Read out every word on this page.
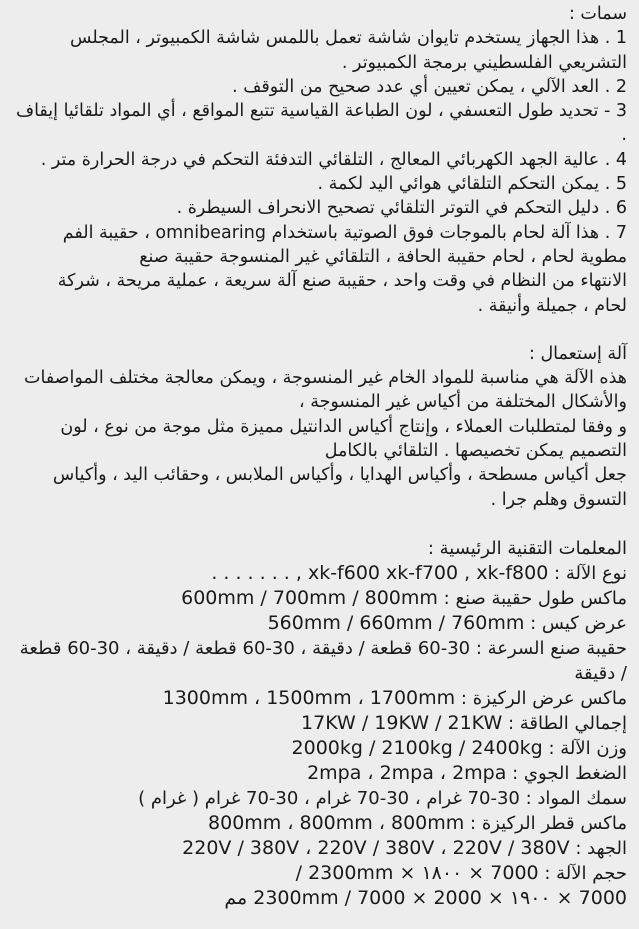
سمات :
1 . هذا الجهاز يستخدم تايوان شاشة تعمل باللمس شاشة الكمبيوتر ، المجلس
التشريعي الفلسطيني برمجة الكمبيوتر .
2 . العد الآلي ، يمكن تعيين أي عدد صحيح من التوقف .
3 - تحديد طول التعسفي ، لون الطباعة القياسية تتبع المواقع ، أي المواد تلقائيا إيقاف
.
4 . عالية الجهد الكهربائي المعالج ، التلقائي التدفئة التحكم في درجة الحرارة متر .
5 . يمكن التحكم التلقائي هوائي اليد لكمة .
6 . دليل التحكم في التوتر التلقائي تصحيح الانحراف السيطرة .
7 . هذا آلة لحام بالموجات فوق الصوتية باستخدام omnibearing ، حقيبة الفم
مطوية لحام ، لحام حقيبة الحافة ، التلقائي غير المنسوجة حقيبة صنع
الانتهاء من النظام في وقت واحد ، حقيبة صنع آلة سريعة ، عملية مريحة ، شركة
لحام ، جميلة وأنيقة .
آلة إستعمال :
هذه الآلة هي مناسبة للمواد الخام غير المنسوجة ، ويمكن معالجة مختلف المواصفات
والأشكال المختلفة من أكياس غير المنسوجة ،
و وفقا لمتطلبات العملاء ، وإنتاج أكياس الدانتيل مميزة مثل موجة من نوع ، لون
التصميم يمكن تخصيصها . التلقائي بالكامل
جعل أكياس مسطحة ، وأكياس الهدايا ، وأكياس الملابس ، وحقائب اليد ، وأكياس
التسوق وهلم جرا .
المعلمات التقنية الرئيسية :
نوع الآلة : xk-f600 xk-f700 , xk-f800 , . . . . . . .
ماكس طول حقيبة صنع : 600mm / 700mm / 800mm
عرض كيس : 560mm / 660mm / 760mm
حقيبة صنع السرعة : 30-60 قطعة / دقيقة ، 30-60 قطعة / دقيقة ، 30-60 قطعة
/ دقيقة
ماكس عرض الركيزة : 1300mm ، 1500mm ، 1700mm
إجمالي الطاقة : 17KW / 19KW / 21KW
وزن الآلة : 2000kg / 2100kg / 2400kg
الضغط الجوي : 2mpa ، 2mpa ، 2mpa
سمك المواد : 30-70 غرام ، 30-70 غرام ، 30-70 غرام ( غرام )
ماكس قطر الركيزة : 800mm ، 800mm ، 800mm
الجهد : 220V / 380V ، 220V / 380V ، 220V / 380V
حجم الآلة : 7000 × ١٨٠٠ × 2300mm /
7000 × ١٩٠٠ × 2000 × 7000 / 2300mm مم
